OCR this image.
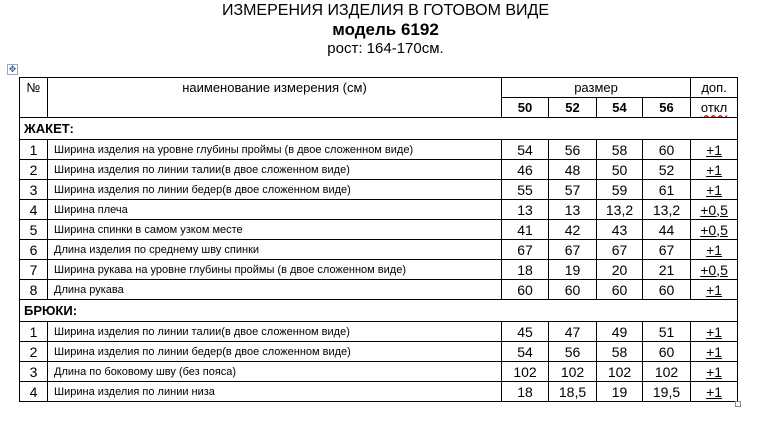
ИЗМЕРЕНИЯ ИЗДЕЛИЯ В ГОТОВОМ ВИДЕ
модель 6192
рост: 164-170см.
✥
№	наименование измерения (см)	размер				доп.
		50	52	54	56	откл
ЖАКЕТ:						
1	Ширина изделия на уровне глубины проймы (в двое сложенном виде)	54	56	58	60	+1
2	Ширина изделия по линии талии(в двое сложенном виде)	46	48	50	52	+1
3	Ширина изделия по линии бедер(в двое сложенном виде)	55	57	59	61	+1
4	Ширина плеча	13	13	13,2	13,2	+0,5
5	Ширина спинки в самом узком месте	41	42	43	44	+0,5
6	Длина изделия по среднему шву спинки	67	67	67	67	+1
7	Ширина рукава на уровне глубины проймы (в двое сложенном виде)	18	19	20	21	+0,5
8	Длина рукава	60	60	60	60	+1
БРЮКИ:						
1	Ширина изделия по линии талии(в двое сложенном виде)	45	47	49	51	+1
2	Ширина изделия по линии бедер(в двое сложенном виде)	54	56	58	60	+1
3	Длина по боковому шву (без пояса)	102	102	102	102	+1
4	Ширина изделия по линии низа	18	18,5	19	19,5	+1
